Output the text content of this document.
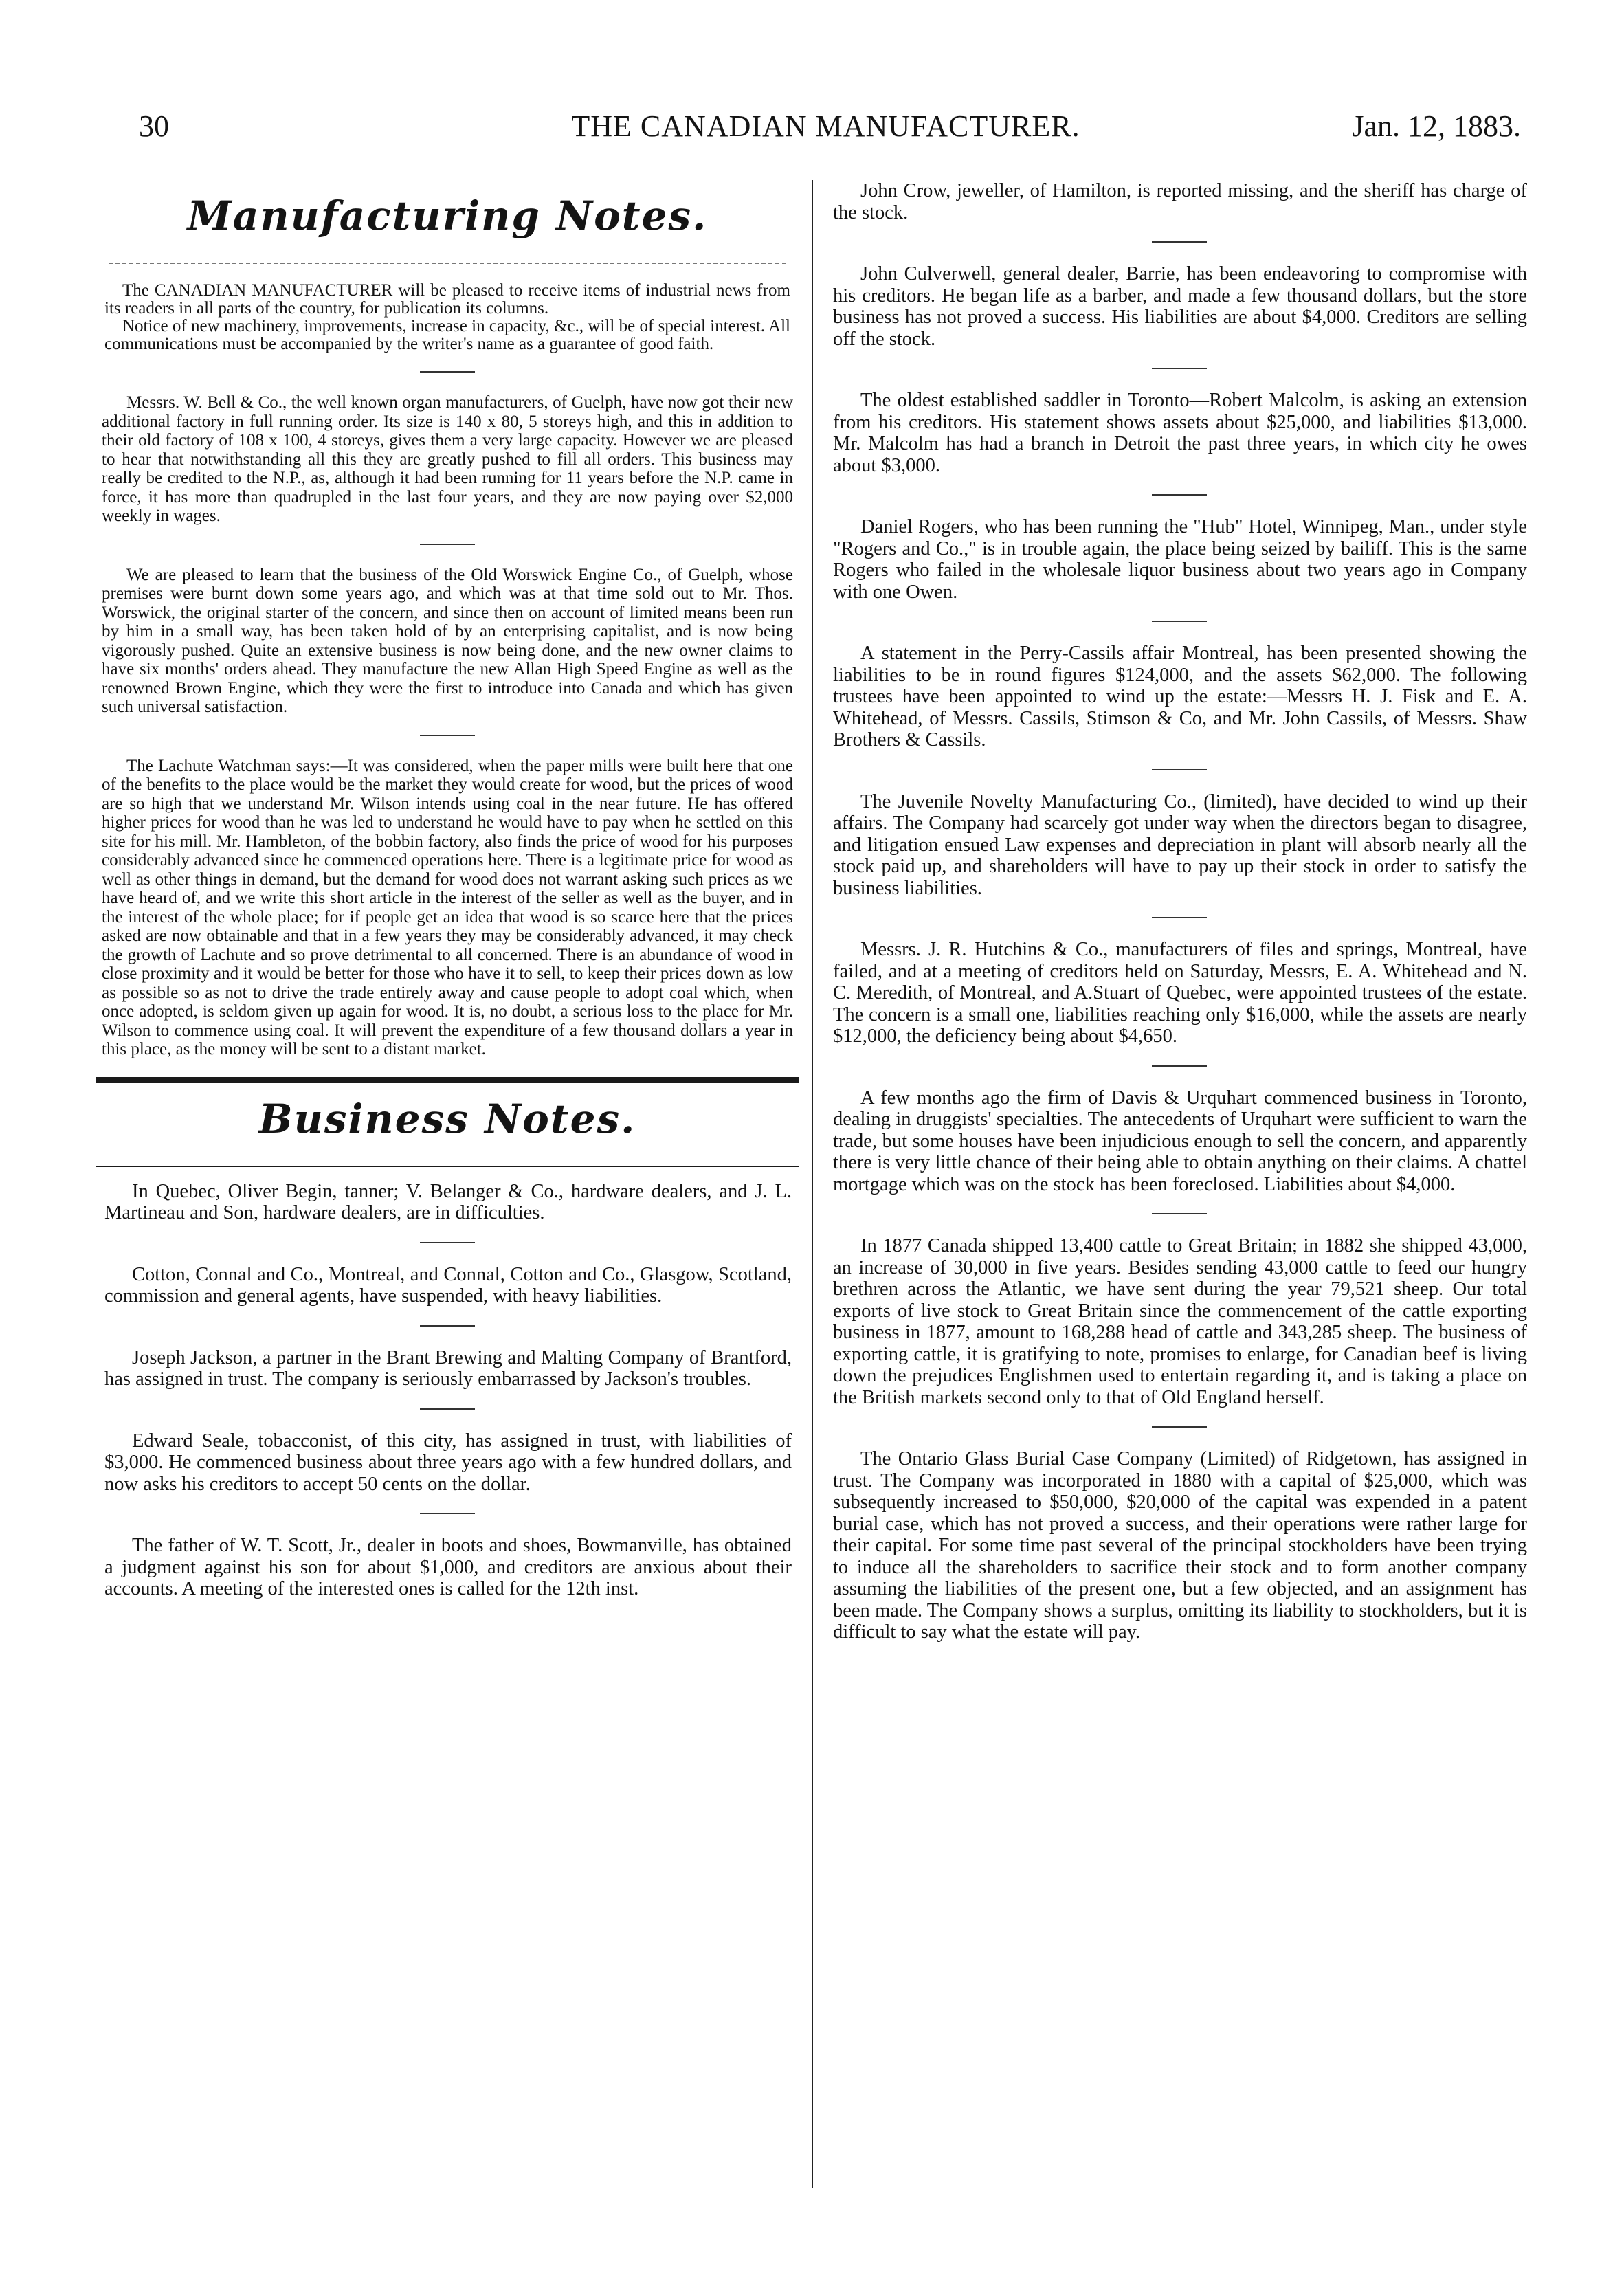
30	THE CANADIAN MANUFACTURER.	Jan. 12, 1883.
Manufacturing Notes.

The CANADIAN MANUFACTURER will be pleased to receive items of industrial news from its readers in all parts of the country, for publication its columns.

Notice of new machinery, improvements, increase in capacity, &c., will be of special interest. All communications must be accompanied by the writer's name as a guarantee of good faith.

Messrs. W. Bell & Co., the well known organ manufacturers, of Guelph, have now got their new additional factory in full running order. Its size is 140 x 80, 5 storeys high, and this in addition to their old factory of 108 x 100, 4 storeys, gives them a very large capacity. However we are pleased to hear that notwithstanding all this they are greatly pushed to fill all orders. This business may really be credited to the N.P., as, although it had been running for 11 years before the N.P. came in force, it has more than quadrupled in the last four years, and they are now paying over $2,000 weekly in wages.

We are pleased to learn that the business of the Old Worswick Engine Co., of Guelph, whose premises were burnt down some years ago, and which was at that time sold out to Mr. Thos. Worswick, the original starter of the concern, and since then on account of limited means been run by him in a small way, has been taken hold of by an enterprising capitalist, and is now being vigorously pushed. Quite an extensive business is now being done, and the new owner claims to have six months' orders ahead. They manufacture the new Allan High Speed Engine as well as the renowned Brown Engine, which they were the first to introduce into Canada and which has given such universal satisfaction.

The Lachute Watchman says:—It was considered, when the paper mills were built here that one of the benefits to the place would be the market they would create for wood, but the prices of wood are so high that we understand Mr. Wilson intends using coal in the near future. He has offered higher prices for wood than he was led to understand he would have to pay when he settled on this site for his mill. Mr. Hambleton, of the bobbin factory, also finds the price of wood for his purposes considerably advanced since he commenced operations here. There is a legitimate price for wood as well as other things in demand, but the demand for wood does not warrant asking such prices as we have heard of, and we write this short article in the interest of the seller as well as the buyer, and in the interest of the whole place; for if people get an idea that wood is so scarce here that the prices asked are now obtainable and that in a few years they may be considerably advanced, it may check the growth of Lachute and so prove detrimental to all concerned. There is an abundance of wood in close proximity and it would be better for those who have it to sell, to keep their prices down as low as possible so as not to drive the trade entirely away and cause people to adopt coal which, when once adopted, is seldom given up again for wood. It is, no doubt, a serious loss to the place for Mr. Wilson to commence using coal. It will prevent the expenditure of a few thousand dollars a year in this place, as the money will be sent to a distant market.

Business Notes.

In Quebec, Oliver Begin, tanner; V. Belanger & Co., hardware dealers, and J. L. Martineau and Son, hardware dealers, are in difficulties.

Cotton, Connal and Co., Montreal, and Connal, Cotton and Co., Glasgow, Scotland, commission and general agents, have suspended, with heavy liabilities.

Joseph Jackson, a partner in the Brant Brewing and Malting Company of Brantford, has assigned in trust. The company is seriously embarrassed by Jackson's troubles.

Edward Seale, tobacconist, of this city, has assigned in trust, with liabilities of $3,000. He commenced business about three years ago with a few hundred dollars, and now asks his creditors to accept 50 cents on the dollar.

The father of W. T. Scott, Jr., dealer in boots and shoes, Bowmanville, has obtained a judgment against his son for about $1,000, and creditors are anxious about their accounts. A meeting of the interested ones is called for the 12th inst.

John Crow, jeweller, of Hamilton, is reported missing, and the sheriff has charge of the stock.

John Culverwell, general dealer, Barrie, has been endeavoring to compromise with his creditors. He began life as a barber, and made a few thousand dollars, but the store business has not proved a success. His liabilities are about $4,000. Creditors are selling off the stock.

The oldest established saddler in Toronto—Robert Malcolm, is asking an extension from his creditors. His statement shows assets about $25,000, and liabilities $13,000. Mr. Malcolm has had a branch in Detroit the past three years, in which city he owes about $3,000.

Daniel Rogers, who has been running the "Hub" Hotel, Winnipeg, Man., under style "Rogers and Co.," is in trouble again, the place being seized by bailiff. This is the same Rogers who failed in the wholesale liquor business about two years ago in Company with one Owen.

A statement in the Perry-Cassils affair Montreal, has been presented showing the liabilities to be in round figures $124,000, and the assets $62,000. The following trustees have been appointed to wind up the estate:—Messrs H. J. Fisk and E. A. Whitehead, of Messrs. Cassils, Stimson & Co, and Mr. John Cassils, of Messrs. Shaw Brothers & Cassils.

The Juvenile Novelty Manufacturing Co., (limited), have decided to wind up their affairs. The Company had scarcely got under way when the directors began to disagree, and litigation ensued Law expenses and depreciation in plant will absorb nearly all the stock paid up, and shareholders will have to pay up their stock in order to satisfy the business liabilities.

Messrs. J. R. Hutchins & Co., manufacturers of files and springs, Montreal, have failed, and at a meeting of creditors held on Saturday, Messrs, E. A. Whitehead and N. C. Meredith, of Montreal, and A.Stuart of Quebec, were appointed trustees of the estate. The concern is a small one, liabilities reaching only $16,000, while the assets are nearly $12,000, the deficiency being about $4,650.

A few months ago the firm of Davis & Urquhart commenced business in Toronto, dealing in druggists' specialties. The antecedents of Urquhart were sufficient to warn the trade, but some houses have been injudicious enough to sell the concern, and apparently there is very little chance of their being able to obtain anything on their claims. A chattel mortgage which was on the stock has been foreclosed. Liabilities about $4,000.

In 1877 Canada shipped 13,400 cattle to Great Britain; in 1882 she shipped 43,000, an increase of 30,000 in five years. Besides sending 43,000 cattle to feed our hungry brethren across the Atlantic, we have sent during the year 79,521 sheep. Our total exports of live stock to Great Britain since the commencement of the cattle exporting business in 1877, amount to 168,288 head of cattle and 343,285 sheep. The business of exporting cattle, it is gratifying to note, promises to enlarge, for Canadian beef is living down the prejudices Englishmen used to entertain regarding it, and is taking a place on the British markets second only to that of Old England herself.

The Ontario Glass Burial Case Company (Limited) of Ridgetown, has assigned in trust. The Company was incorporated in 1880 with a capital of $25,000, which was subsequently increased to $50,000, $20,000 of the capital was expended in a patent burial case, which has not proved a success, and their operations were rather large for their capital. For some time past several of the principal stockholders have been trying to induce all the shareholders to sacrifice their stock and to form another company assuming the liabilities of the present one, but a few objected, and an assignment has been made. The Company shows a surplus, omitting its liability to stockholders, but it is difficult to say what the estate will pay.
